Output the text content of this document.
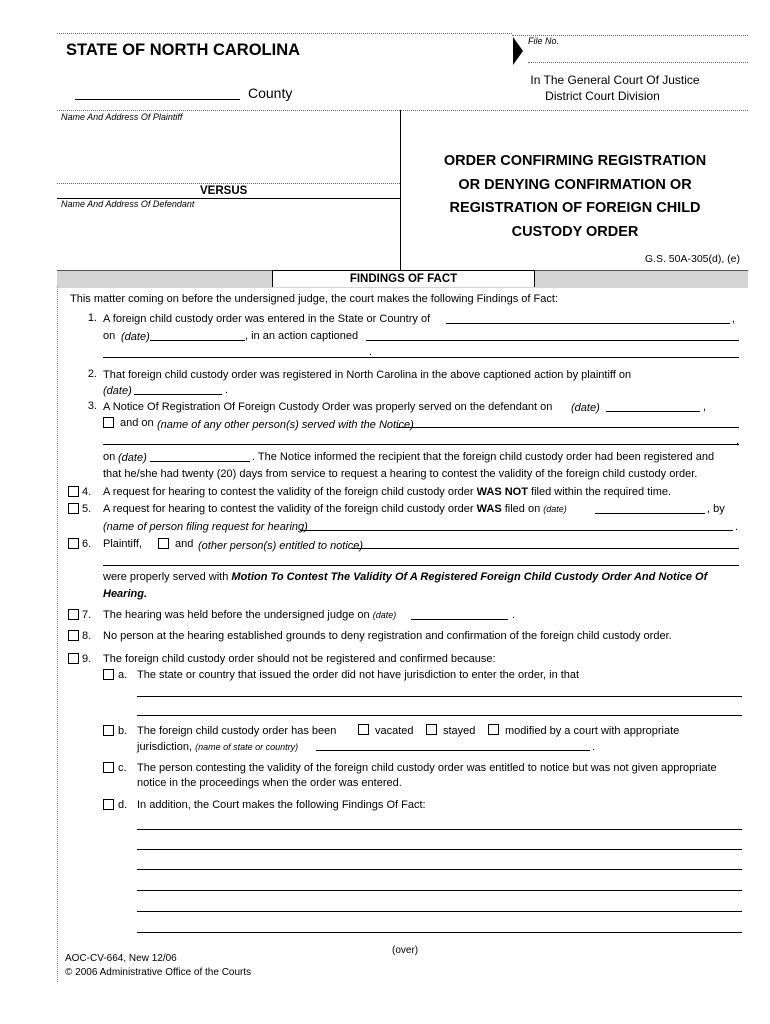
File No.
STATE OF NORTH CAROLINA
County
In The General Court Of Justice
District Court Division
Name And Address Of Plaintiff
VERSUS
Name And Address Of Defendant
ORDER CONFIRMING REGISTRATION
OR DENYING CONFIRMATION OR
REGISTRATION OF FOREIGN CHILD
CUSTODY ORDER
G.S. 50A-305(d), (e)
FINDINGS OF FACT
This matter coming on before the undersigned judge, the court makes the following Findings of Fact:
1. A foreign child custody order was entered in the State or Country of	,
on (date)	, in an action captioned
.
2. That foreign child custody order was registered in North Carolina in the above captioned action by plaintiff on
(date)	.
3. A Notice Of Registration Of Foreign Custody Order was properly served on the defendant on (date)	,
and on (name of any other person(s) served with the Notice)
,
on (date)	. The Notice informed the recipient that the foreign child custody order had been registered and
that he/she had twenty (20) days from service to request a hearing to contest the validity of the foreign child custody order.
4. A request for hearing to contest the validity of the foreign child custody order WAS NOT filed within the required time.
5. A request for hearing to contest the validity of the foreign child custody order WAS filed on (date)	, by
(name of person filing request for hearing)	.
6. Plaintiff,	and (other person(s) entitled to notice)
were properly served with Motion To Contest The Validity Of A Registered Foreign Child Custody Order And Notice Of
Hearing.
7. The hearing was held before the undersigned judge on (date)	.
8. No person at the hearing established grounds to deny registration and confirmation of the foreign child custody order.
9. The foreign child custody order should not be registered and confirmed because:
a. The state or country that issued the order did not have jurisdiction to enter the order, in that
b. The foreign child custody order has been	vacated	stayed	modified by a court with appropriate
jurisdiction, (name of state or country)	.
c. The person contesting the validity of the foreign child custody order was entitled to notice but was not given appropriate
notice in the proceedings when the order was entered.
d. In addition, the Court makes the following Findings Of Fact:
(over)
AOC-CV-664, New 12/06
© 2006 Administrative Office of the Courts
